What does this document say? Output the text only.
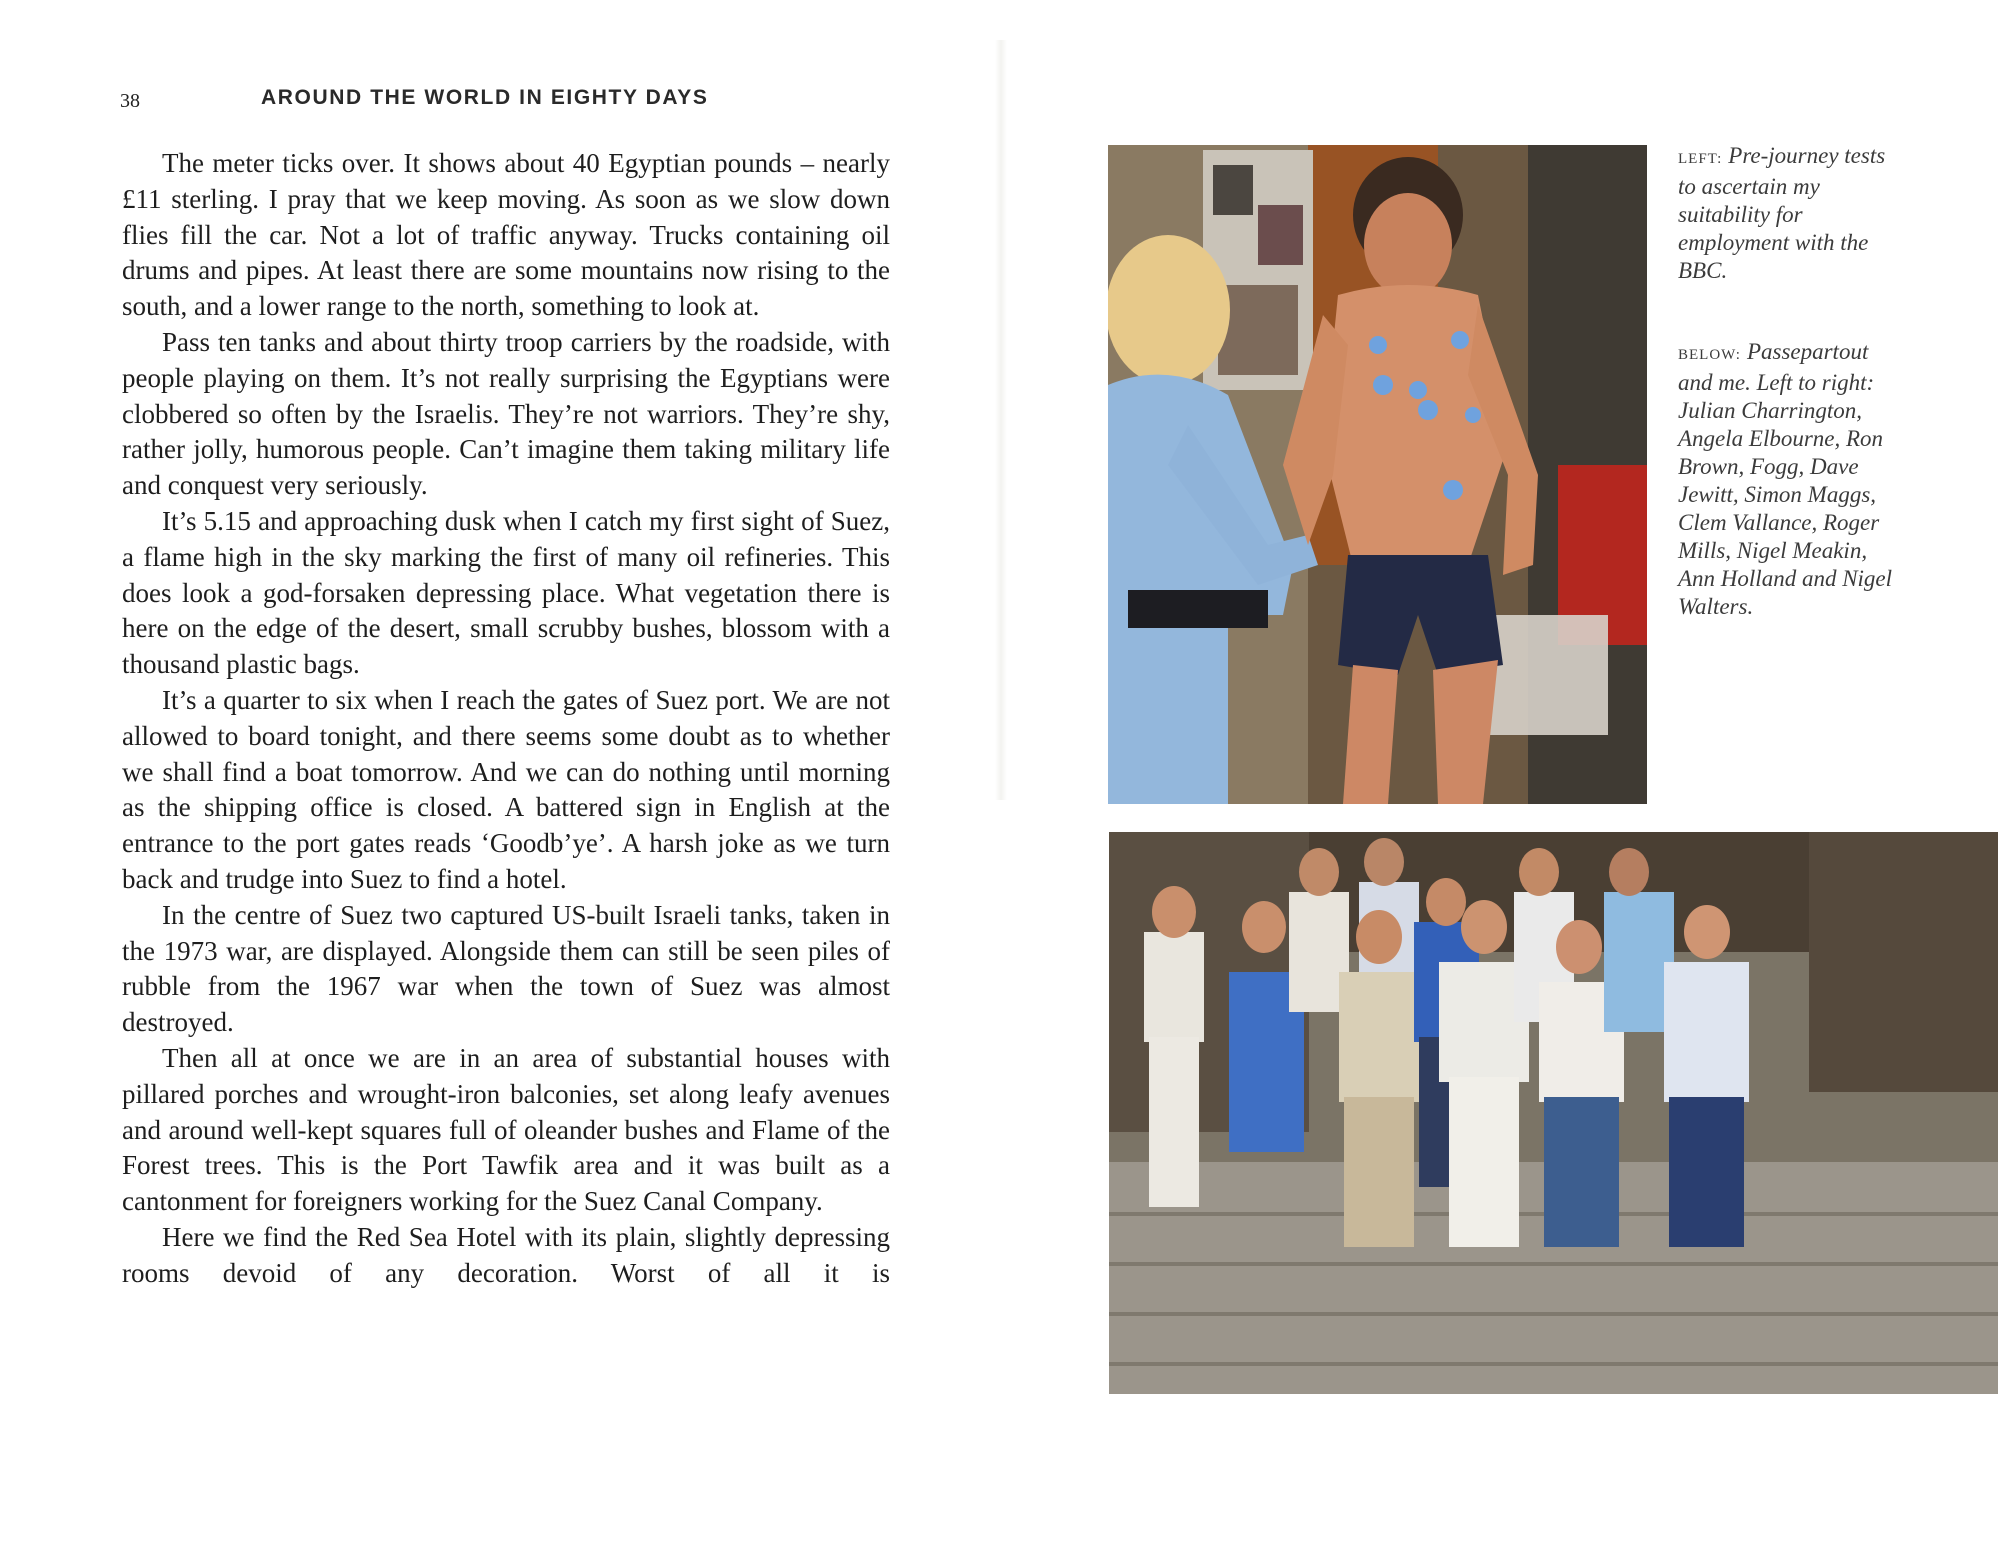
38	AROUND THE WORLD IN EIGHTY DAYS

The meter ticks over. It shows about 40 Egyptian pounds – nearly £11 sterling. I pray that we keep moving. As soon as we slow down flies fill the car. Not a lot of traffic anyway. Trucks containing oil drums and pipes. At least there are some mountains now rising to the south, and a lower range to the north, something to look at.

Pass ten tanks and about thirty troop carriers by the roadside, with people playing on them. It’s not really surprising the Egyptians were clobbered so often by the Israelis. They’re not warriors. They’re shy, rather jolly, humorous people. Can’t imagine them taking military life and conquest very seriously.

It’s 5.15 and approaching dusk when I catch my first sight of Suez, a flame high in the sky marking the first of many oil refineries. This does look a god-forsaken depressing place. What vegetation there is here on the edge of the desert, small scrubby bushes, blossom with a thousand plastic bags.

It’s a quarter to six when I reach the gates of Suez port. We are not allowed to board tonight, and there seems some doubt as to whether we shall find a boat tomorrow. And we can do nothing until morning as the shipping office is closed. A battered sign in English at the entrance to the port gates reads ‘Goodb’ye’. A harsh joke as we turn back and trudge into Suez to find a hotel.

In the centre of Suez two captured US-built Israeli tanks, taken in the 1973 war, are displayed. Alongside them can still be seen piles of rubble from the 1967 war when the town of Suez was almost destroyed.

Then all at once we are in an area of substantial houses with pillared porches and wrought-iron balconies, set along leafy avenues and around well-kept squares full of oleander bushes and Flame of the Forest trees. This is the Port Tawfik area and it was built as a cantonment for foreigners working for the Suez Canal Company.

Here we find the Red Sea Hotel with its plain, slightly depressing rooms devoid of any decoration. Worst of all it is

LEFT: Pre-journey tests to ascertain my suitability for employment with the BBC.
BELOW: Passepartout and me. Left to right: Julian Charrington, Angela Elbourne, Ron Brown, Fogg, Dave Jewitt, Simon Maggs, Clem Vallance, Roger Mills, Nigel Meakin, Ann Holland and Nigel Walters.
